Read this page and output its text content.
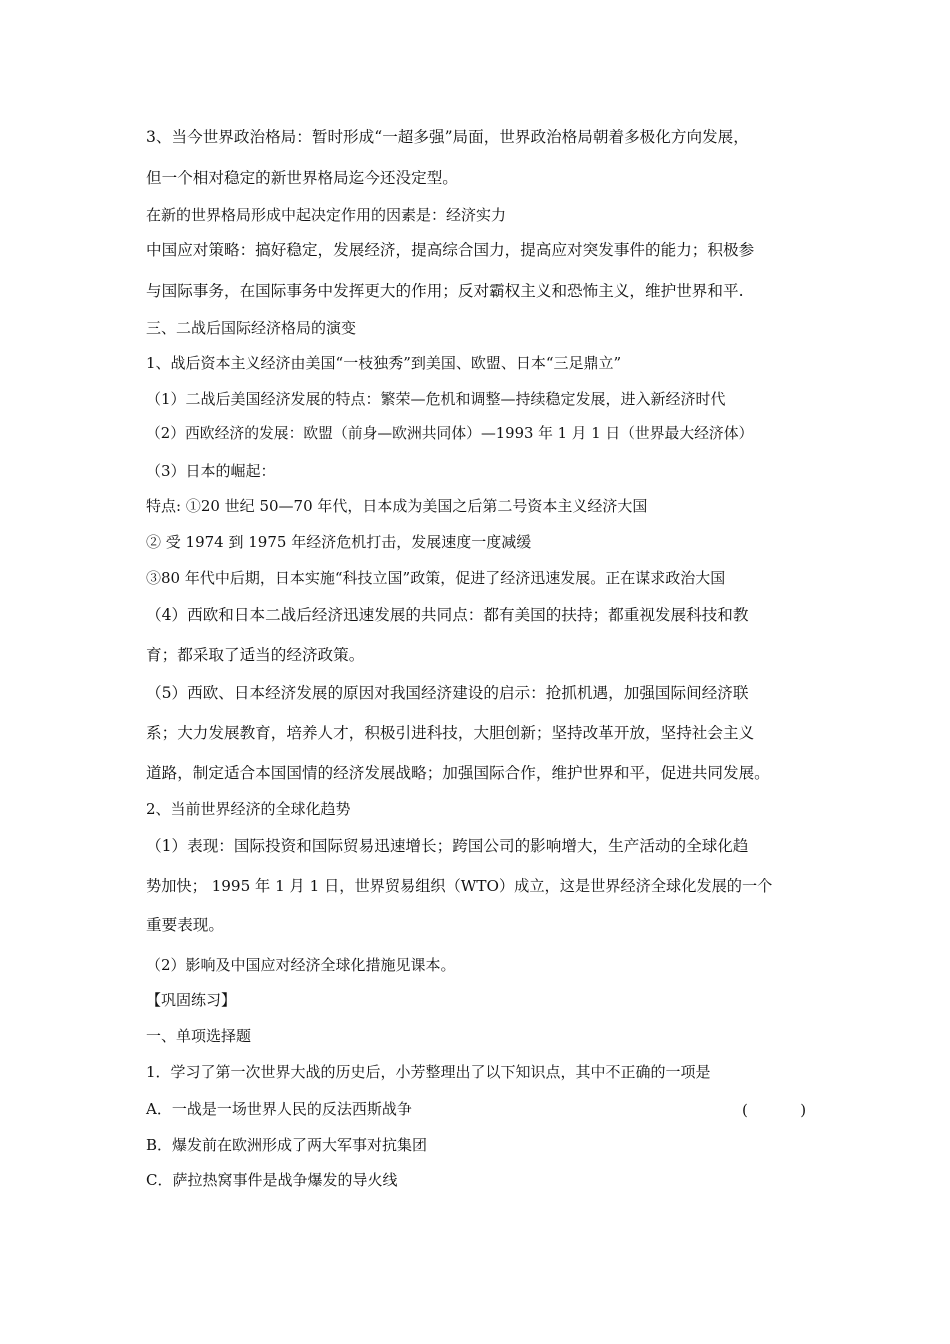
3、当今世界政治格局：暂时形成“一超多强”局面，世界政治格局朝着多极化方向发展，
但一个相对稳定的新世界格局迄今还没定型。
在新的世界格局形成中起决定作用的因素是：经济实力
中国应对策略：搞好稳定，发展经济，提高综合国力，提高应对突发事件的能力；积极参
与国际事务，在国际事务中发挥更大的作用；反对霸权主义和恐怖主义，维护世界和平.
三、二战后国际经济格局的演变
1、战后资本主义经济由美国“一枝独秀”到美国、欧盟、日本“三足鼎立”
（1）二战后美国经济发展的特点：繁荣—危机和调整—持续稳定发展，进入新经济时代
（2）西欧经济的发展：欧盟（前身—欧洲共同体）—1993 年 1 月 1 日（世界最大经济体）
（3）日本的崛起：
特点: ①20 世纪 50—70 年代，日本成为美国之后第二号资本主义经济大国
② 受 1974 到 1975 年经济危机打击，发展速度一度减缓
③80 年代中后期，日本实施“科技立国”政策，促进了经济迅速发展。正在谋求政治大国
（4）西欧和日本二战后经济迅速发展的共同点：都有美国的扶持；都重视发展科技和教
育；都采取了适当的经济政策。
（5）西欧、日本经济发展的原因对我国经济建设的启示：抢抓机遇，加强国际间经济联
系；大力发展教育，培养人才，积极引进科技，大胆创新；坚持改革开放，坚持社会主义
道路，制定适合本国国情的经济发展战略；加强国际合作，维护世界和平，促进共同发展。
2、当前世界经济的全球化趋势
（1）表现：国际投资和国际贸易迅速增长；跨国公司的影响增大，生产活动的全球化趋
势加快； 1995 年 1 月 1 日，世界贸易组织（WTO）成立，这是世界经济全球化发展的一个
重要表现。
（2）影响及中国应对经济全球化措施见课本。
【巩固练习】
一、单项选择题
1．学习了第一次世界大战的历史后，小芳整理出了以下知识点，其中不正确的一项是
A．一战是一场世界人民的反法西斯战争	(           )
B．爆发前在欧洲形成了两大军事对抗集团
C．萨拉热窝事件是战争爆发的导火线
